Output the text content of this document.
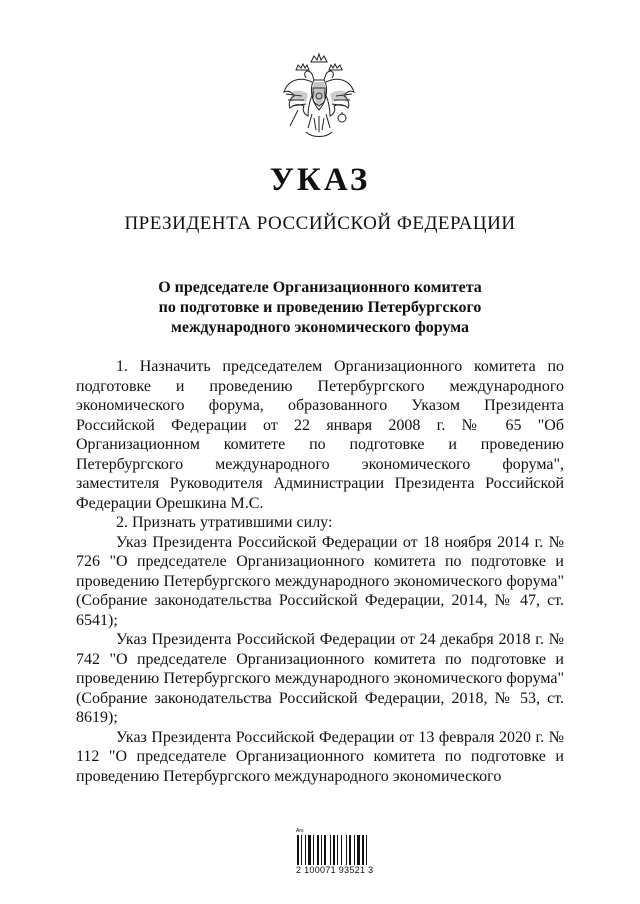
УКАЗ
ПРЕЗИДЕНТА РОССИЙСКОЙ ФЕДЕРАЦИИ
О председателе Организационного комитета
по подготовке и проведению Петербургского
международного экономического форума

1. Назначить председателем Организационного комитета по подготовке и проведению Петербургского международного экономического форума, образованного Указом Президента Российской Федерации от 22 января 2008 г. № 65 "Об Организационном комитете по подготовке и проведению Петербургского международного экономического форума", заместителя Руководителя Администрации Президента Российской Федерации Орешкина М.С.

2. Признать утратившими силу:

Указ Президента Российской Федерации от 18 ноября 2014 г. № 726 "О председателе Организационного комитета по подготовке и проведению Петербургского международного экономического форума" (Собрание законодательства Российской Федерации, 2014, № 47, ст. 6541);

Указ Президента Российской Федерации от 24 декабря 2018 г. № 742 "О председателе Организационного комитета по подготовке и проведению Петербургского международного экономического форума" (Собрание законодательства Российской Федерации, 2018, № 53, ст. 8619);

Указ Президента Российской Федерации от 13 февраля 2020 г. № 112 "О председателе Организационного комитета по подготовке и проведению Петербургского международного экономического

Ars
2 100071 93521 3
